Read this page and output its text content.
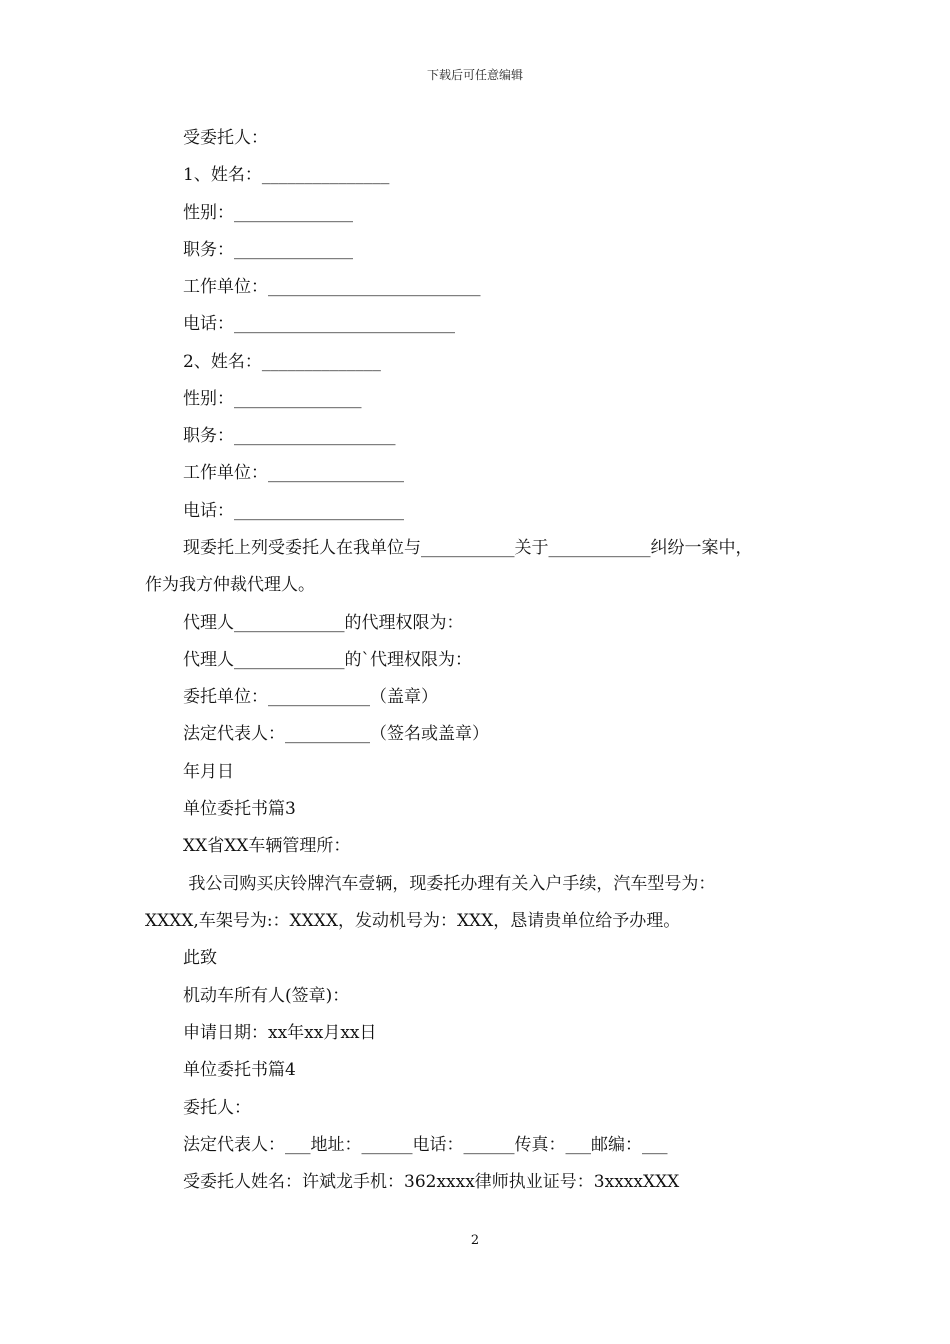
下载后可任意编辑
受委托人：
1、姓名：_______________
性别：______________
职务：______________
工作单位：_________________________
电话：__________________________
2、姓名：______________
性别：_______________
职务：___________________
工作单位：________________
电话：____________________
现委托上列受委托人在我单位与___________关于____________纠纷一案中，
作为我方仲裁代理人。
代理人_____________的代理权限为：
代理人_____________的`代理权限为：
委托单位：____________（盖章）
法定代表人：__________（签名或盖章）
年月日
单位委托书篇3
XX省XX车辆管理所：
我公司购买庆铃牌汽车壹辆，现委托办理有关入户手续，汽车型号为：
XXXX,车架号为:：XXXX，发动机号为：XXX，恳请贵单位给予办理。
此致
机动车所有人(签章)：
申请日期：xx年xx月xx日
单位委托书篇4
委托人：
法定代表人：___地址：______电话：______传真：___邮编：___
受委托人姓名：许斌龙手机：362xxxx律师执业证号：3xxxxXXX
2
